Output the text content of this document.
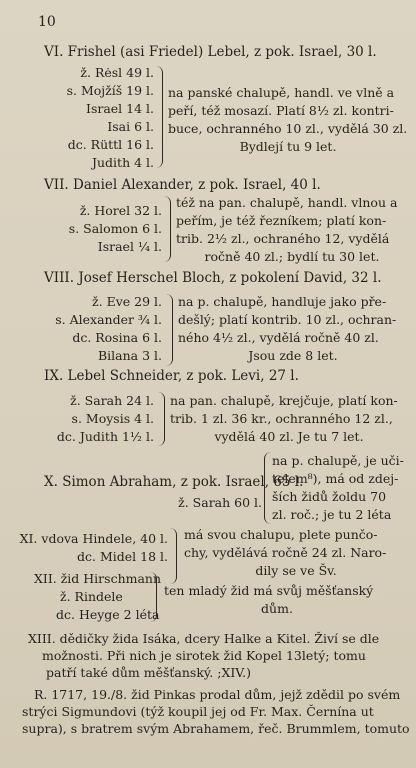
10
VI. Frishel (asi Friedel) Lebel, z pok. Israel, 30 l.
ž. Rėsl 49 l.
s. Mojžíš 19 l.
Israel 14 l.
Isai 6 l.
dc. Rüttl 16 l.
Judith 4 l.
na panské chalupě, handl. ve vlně a
peří, též mosazí. Platí 8½ zl. kontri-
buce, ochranného 10 zl., vydělá 30 zl.
Bydlejí tu 9 let.
VII. Daniel Alexander, z pok. Israel, 40 l.
ž. Horel 32 l.
s. Salomon 6 l.
Israel ¼ l.
též na pan. chalupě, handl. vlnou a
peřím, je též řezníkem; platí kon-
trib. 2½ zl., ochraného 12, vydělá
ročně 40 zl.; bydlí tu 30 let.
VIII. Josef Herschel Bloch, z pokolení David, 32 l.
ž. Eve 29 l.
s. Alexander ¾ l.
dc. Rosina 6 l.
Bilana 3 l.
na p. chalupě, handluje jako pře-
dešlý; platí kontrib. 10 zl., ochran-
ného 4½ zl., vydělá ročně 40 zl.
Jsou zde 8 let.
IX. Lebel Schneider, z pok. Levi, 27 l.
ž. Sarah 24 l.
s. Moysis 4 l.
dc. Judith 1½ l.
na pan. chalupě, krejčuje, platí kon-
trib. 1 zl. 36 kr., ochranného 12 zl.,
vydělá 40 zl. Je tu 7 let.
X. Simon Abraham, z pok. Israel, 65 l.
ž. Sarah 60 l.
na p. chalupě, je uči-
telem⁸), má od zdej-
ších židů žoldu 70
zl. roč.; je tu 2 léta
XI. vdova Hindele, 40 l.
dc. Midel 18 l.
má svou chalupu, plete punčo-
chy, vydělává ročně 24 zl. Naro-
dily se ve Šv.
XII. žid Hirschmann
ž. Rindele
dc. Heyge 2 léta
ten mladý žid má svůj měšťanský
dům.
XIII. dědičky žida Isáka, dcery Halke a Kitel. Živí se dle
možnosti. Při nich je sirotek žid Kopel 13letý; tomu
patří také dům měšťanský. ;XIV.)
R. 1717, 19./8. žid Pinkas prodal dům, jejž zdědil po svém
strýci Sigmundovi (týž koupil jej od Fr. Max. Černína ut
supra), s bratrem svým Abrahamem, řeč. Brummlem, tomuto
